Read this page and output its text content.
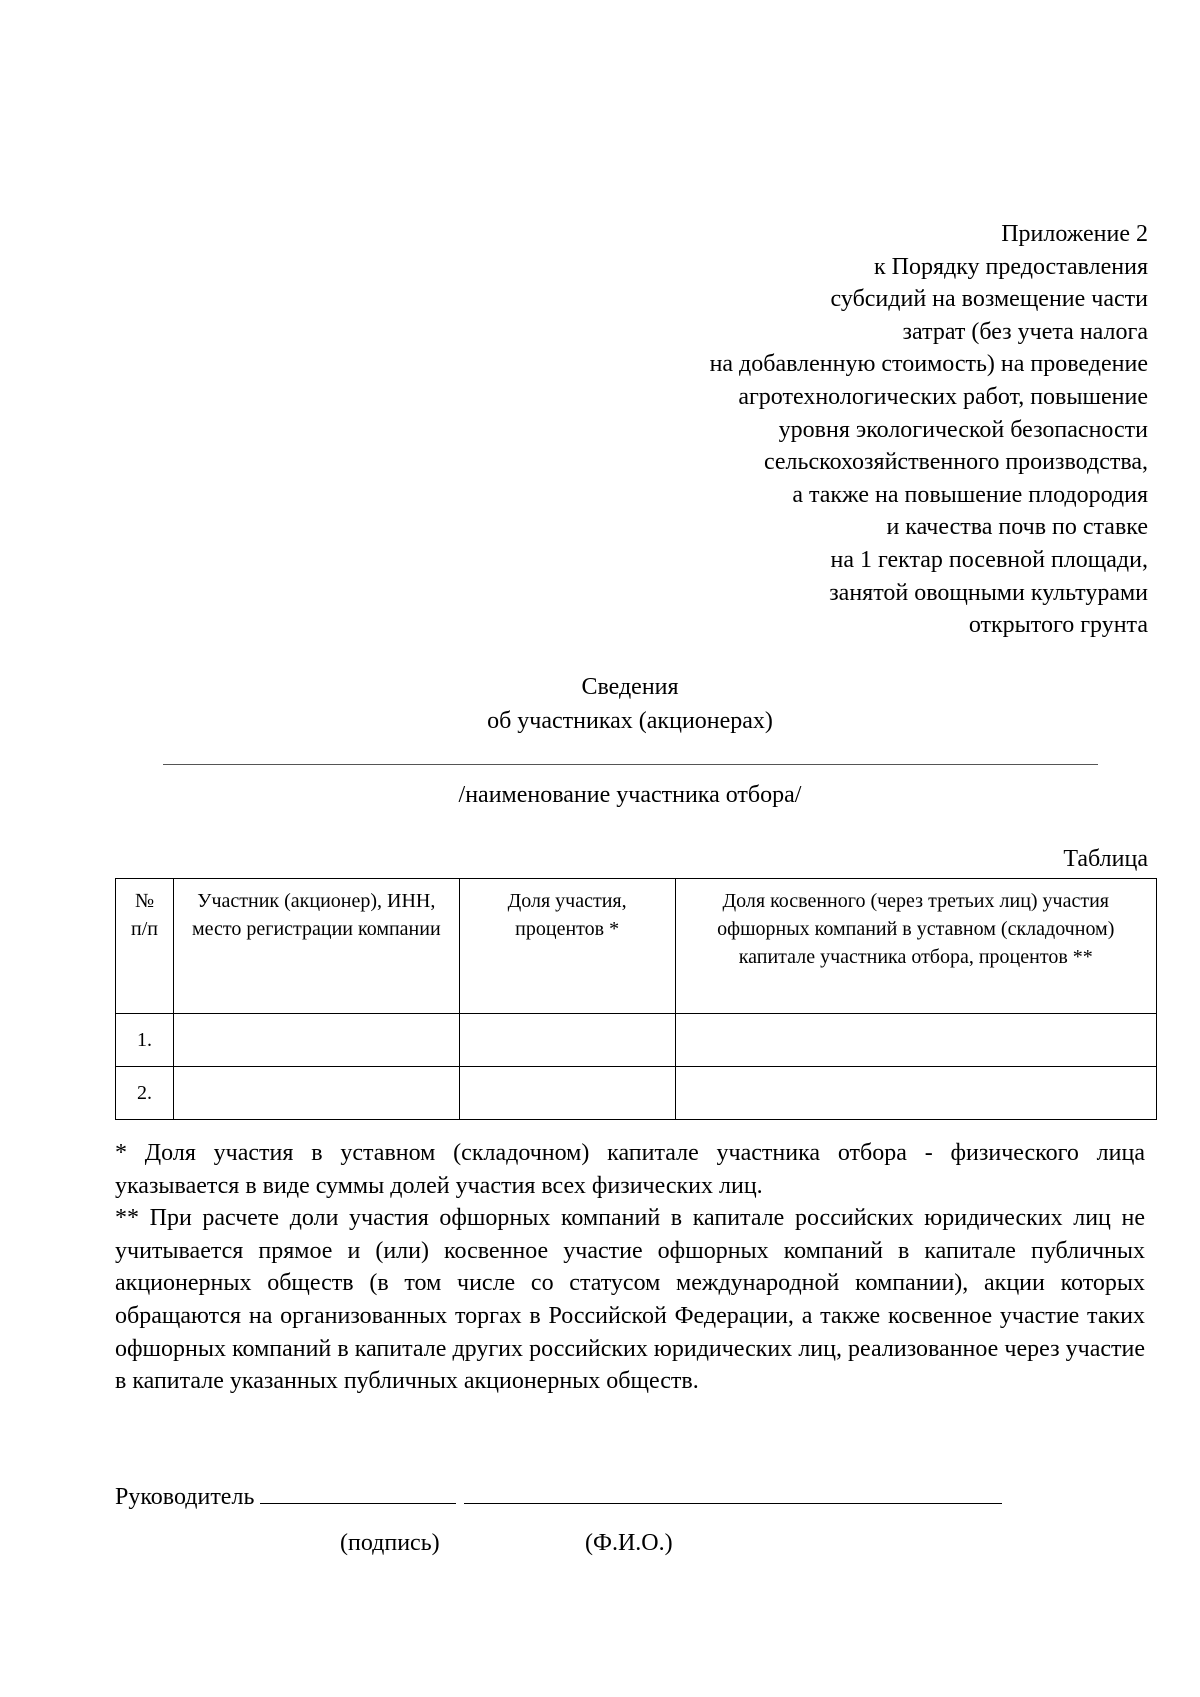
Приложение 2
к Порядку предоставления
субсидий на возмещение части
затрат (без учета налога
на добавленную стоимость) на проведение
агротехнологических работ, повышение
уровня экологической безопасности
сельскохозяйственного производства,
а также на повышение плодородия
и качества почв по ставке
на 1 гектар посевной площади,
занятой овощными культурами
открытого грунта
Сведения
об участниках (акционерах)
/наименование участника отбора/
Таблица
№ п/п	Участник (акционер), ИНН, место регистрации компании	Доля участия, процентов *	Доля косвенного (через третьих лиц) участия офшорных компаний в уставном (складочном) капитале участника отбора, процентов **
1.			
2.			

* Доля участия в уставном (складочном) капитале участника отбора - физического лица указывается в виде суммы долей участия всех физических лиц.

** При расчете доли участия офшорных компаний в капитале российских юридических лиц не учитывается прямое и (или) косвенное участие офшорных компаний в капитале публичных акционерных обществ (в том числе со статусом международной компании), акции которых обращаются на организованных торгах в Российской Федерации, а также косвенное участие таких офшорных компаний в капитале других российских юридических лиц, реализованное через участие в капитале указанных публичных акционерных обществ.

Руководитель
(подпись)	(Ф.И.О.)
